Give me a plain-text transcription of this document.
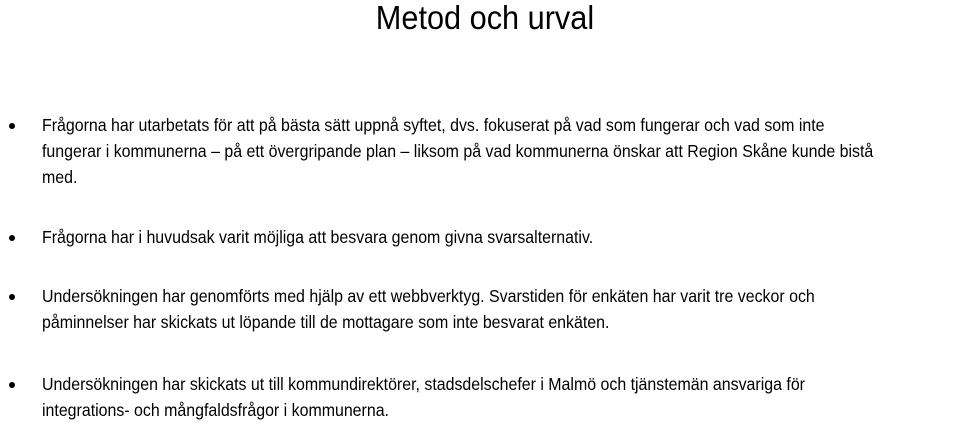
Metod och urval

Frågorna har utarbetats för att på bästa sätt uppnå syftet, dvs. fokuserat på vad som fungerar och vad som inte
fungerar i kommunerna – på ett övergripande plan – liksom på vad kommunerna önskar att Region Skåne kunde bistå
med.

Frågorna har i huvudsak varit möjliga att besvara genom givna svarsalternativ.

Undersökningen har genomförts med hjälp av ett webbverktyg. Svarstiden för enkäten har varit tre veckor och
påminnelser har skickats ut löpande till de mottagare som inte besvarat enkäten.

Undersökningen har skickats ut till kommundirektörer, stadsdelschefer i Malmö och tjänstemän ansvariga för
integrations- och mångfaldsfrågor i kommunerna.
